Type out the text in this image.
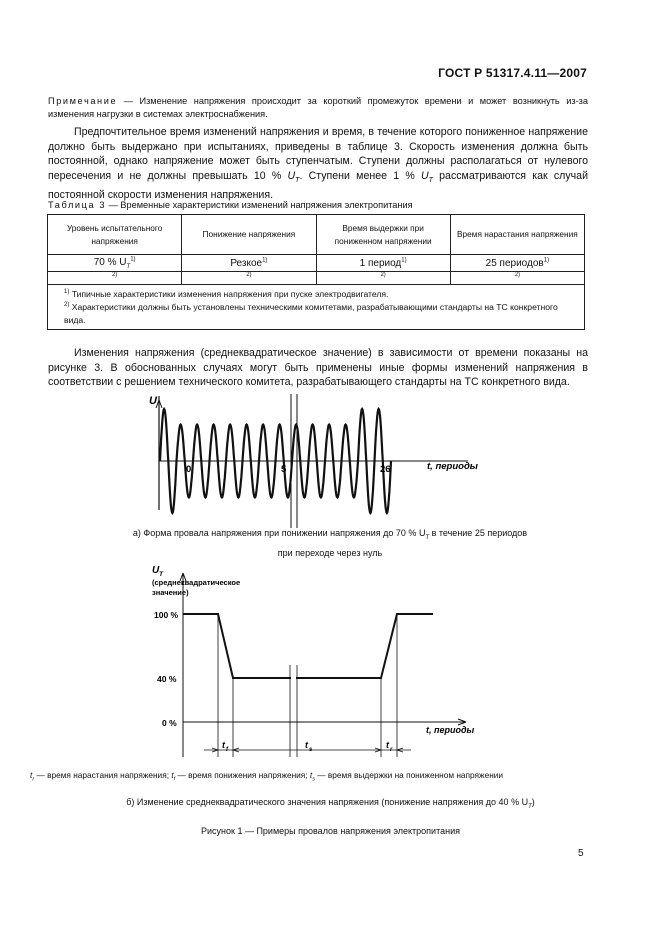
ГОСТ Р 51317.4.11—2007
Примечание — Изменение напряжения происходит за короткий промежуток времени и может возникнуть из-за изменения нагрузки в системах электроснабжения.
Предпочтительное время изменений напряжения и время, в течение которого пониженное напряжение должно быть выдержано при испытаниях, приведены в таблице 3. Скорость изменения должна быть постоянной, однако напряжение может быть ступенчатым. Ступени должны располагаться от нулевого пересечения и не должны превышать 10 % $U_T$. Ступени менее 1 % $U_T$ рассматриваются как случай постоянной скорости изменения напряжения.
Таблица 3 — Временные характеристики изменений напряжения электропитания
Уровень испытательного напряжения	Понижение напряжения	Время выдержки при пониженном напряжении	Время нарастания напряжения
70 % $U_T^{1)}$	Резкое$^{1)}$	1 период$^{1)}$	25 периодов$^{1)}$
2)	2)	2)	2)

$^{1)}$ Типичные характеристики изменения напряжения при пуске электродвигателя.
$^{2)}$ Характеристики должны быть установлены техническими комитетами, разрабатывающими стандарты на ТС конкретного вида.			
Изменения напряжения (среднеквадратическое значение) в зависимости от времени показаны на рисунке 3. В обоснованных случаях могут быть применены иные формы изменений напряжения в соответствии с решением технического комитета, разрабатывающего стандарты на ТС конкретного вида.
U
t, периоды
0	5	26
U T
(среднеквадратическое
значение)
100 %
40 %
0 %
t, периоды
t f	t s	t r
а) Форма провала напряжения при понижении напряжения до 70 % $U_T$ в течение 25 периодов
при переходе через нуль
$t_r$ — время нарастания напряжения; $t_f$ — время понижения напряжения; $t_s$ — время выдержки на пониженном напряжении
б) Изменение среднеквадратического значения напряжения (понижение напряжения до 40 % $U_T$)
Рисунок 1 — Примеры провалов напряжения электропитания
5
